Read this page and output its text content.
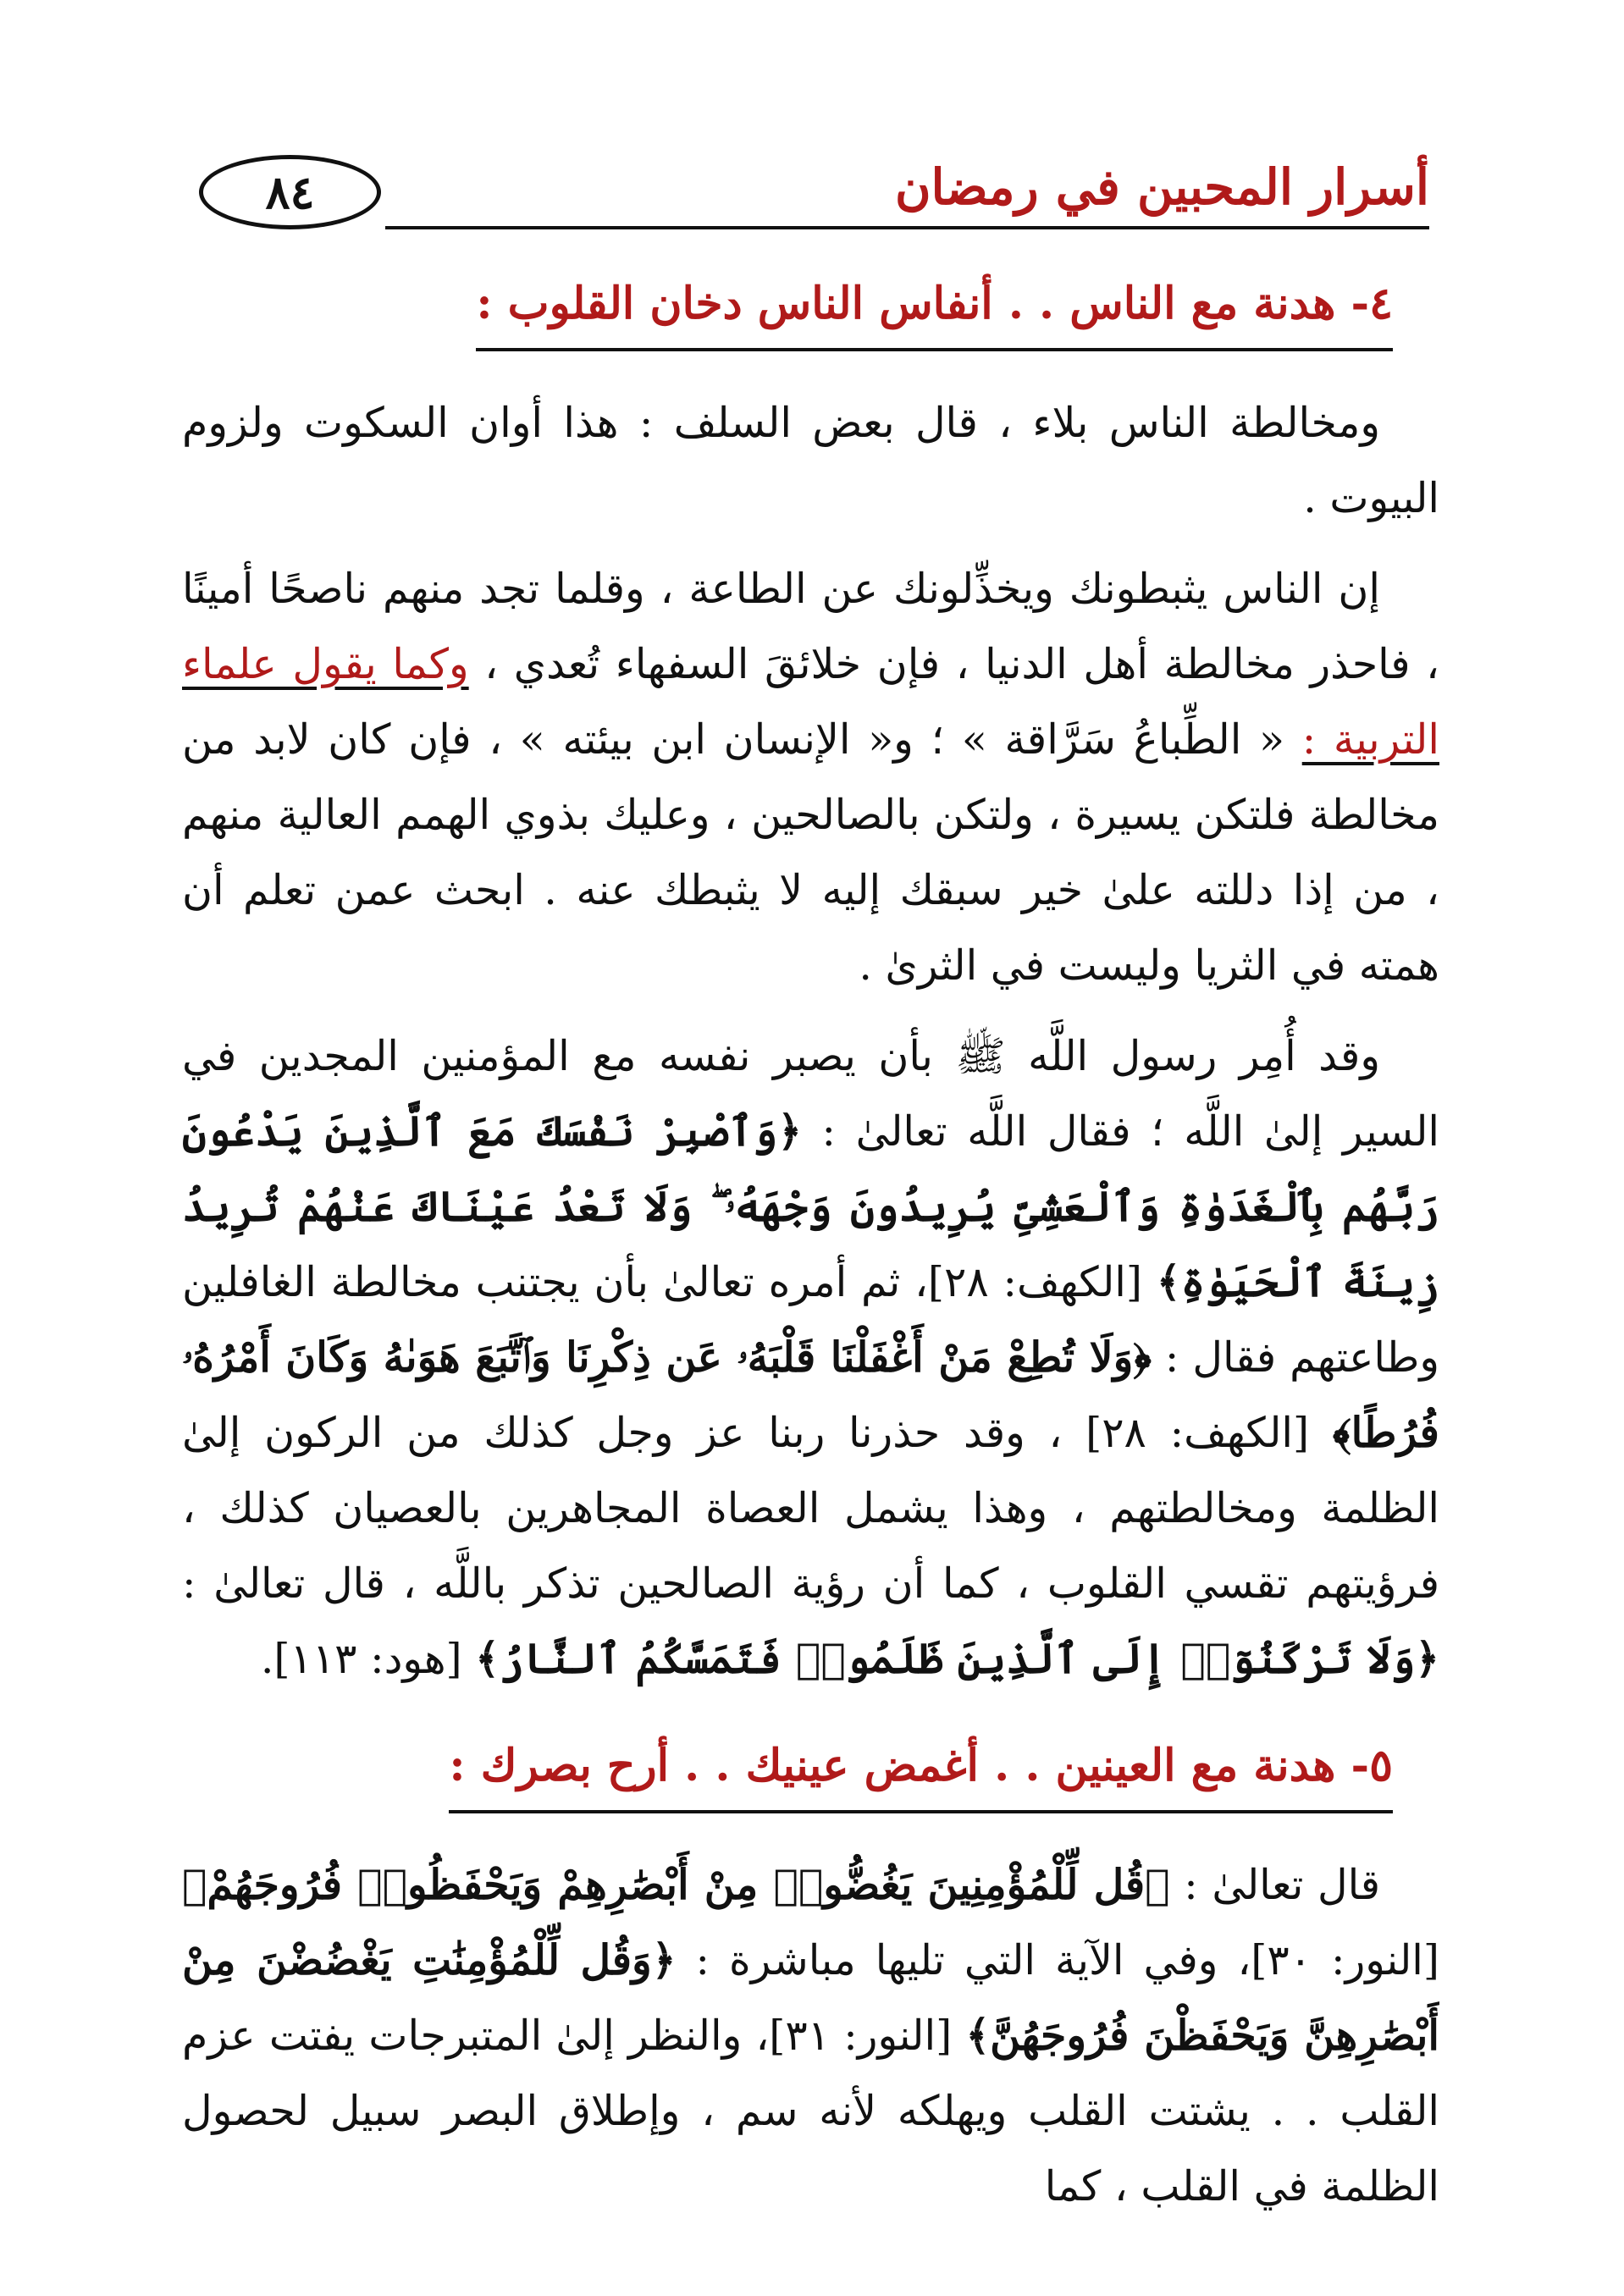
أسرار المحبين في رمضان
٨٤
٤- هدنة مع الناس . . أنفاس الناس دخان القلوب :

ومخالطة الناس بلاء ، قال بعض السلف : هذا أوان السكوت ولزوم البيوت .

إن الناس يثبطونك ويخذِّلونك عن الطاعة ، وقلما تجد منهم ناصحًا أمينًا ، فاحذر مخالطة أهل الدنيا ، فإن خلائقَ السفهاء تُعدي ، وكما يقول علماء التربية : « الطِّباعُ سَرَّاقة » ؛ و« الإنسان ابن بيئته » ، فإن كان لابد من مخالطة فلتكن يسيرة ، ولتكن بالصالحين ، وعليك بذوي الهمم العالية منهم ، من إذا دللته علىٰ خير سبقك إليه لا يثبطك عنه . ابحث عمن تعلم أن همته في الثريا وليست في الثرىٰ .

وقد أُمِر رسول اللَّه ﷺ بأن يصبر نفسه مع المؤمنين المجدين في السير إلىٰ اللَّه ؛ فقال اللَّه تعالىٰ : ﴿وَٱصْبِرْ نَفْسَكَ مَعَ ٱلَّذِينَ يَدْعُونَ رَبَّهُم بِٱلْغَدَوٰةِ وَٱلْعَشِىِّ يُرِيدُونَ وَجْهَهُۥ ۖ وَلَا تَعْدُ عَيْنَاكَ عَنْهُمْ تُرِيدُ زِينَةَ ٱلْحَيَوٰةِ﴾ [الكهف: ٢٨]، ثم أمره تعالىٰ بأن يجتنب مخالطة الغافلين وطاعتهم فقال : ﴿وَلَا تُطِعْ مَنْ أَغْفَلْنَا قَلْبَهُۥ عَن ذِكْرِنَا وَٱتَّبَعَ هَوَىٰهُ وَكَانَ أَمْرُهُۥ فُرُطًا﴾ [الكهف: ٢٨] ، وقد حذرنا ربنا عز وجل كذلك من الركون إلىٰ الظلمة ومخالطتهم ، وهذا يشمل العصاة المجاهرين بالعصيان كذلك ، فرؤيتهم تقسي القلوب ، كما أن رؤية الصالحين تذكر باللَّه ، قال تعالىٰ : ﴿وَلَا تَرْكَنُوٓا۟ إِلَى ٱلَّذِينَ ظَلَمُوا۟ فَتَمَسَّكُمُ ٱلنَّارُ﴾ [هود: ١١٣].

٥- هدنة مع العينين . . أغمض عينيك . . أرح بصرك :

قال تعالىٰ : ﴿قُل لِّلْمُؤْمِنِينَ يَغُضُّوا۟ مِنْ أَبْصَٰرِهِمْ وَيَحْفَظُوا۟ فُرُوجَهُمْ﴾ [النور: ٣٠]، وفي الآية التي تليها مباشرة : ﴿وَقُل لِّلْمُؤْمِنَٰتِ يَغْضُضْنَ مِنْ أَبْصَٰرِهِنَّ وَيَحْفَظْنَ فُرُوجَهُنَّ﴾ [النور: ٣١]، والنظر إلىٰ المتبرجات يفتت عزم القلب . . يشتت القلب ويهلكه لأنه سم ، وإطلاق البصر سبيل لحصول الظلمة في القلب ، كما
